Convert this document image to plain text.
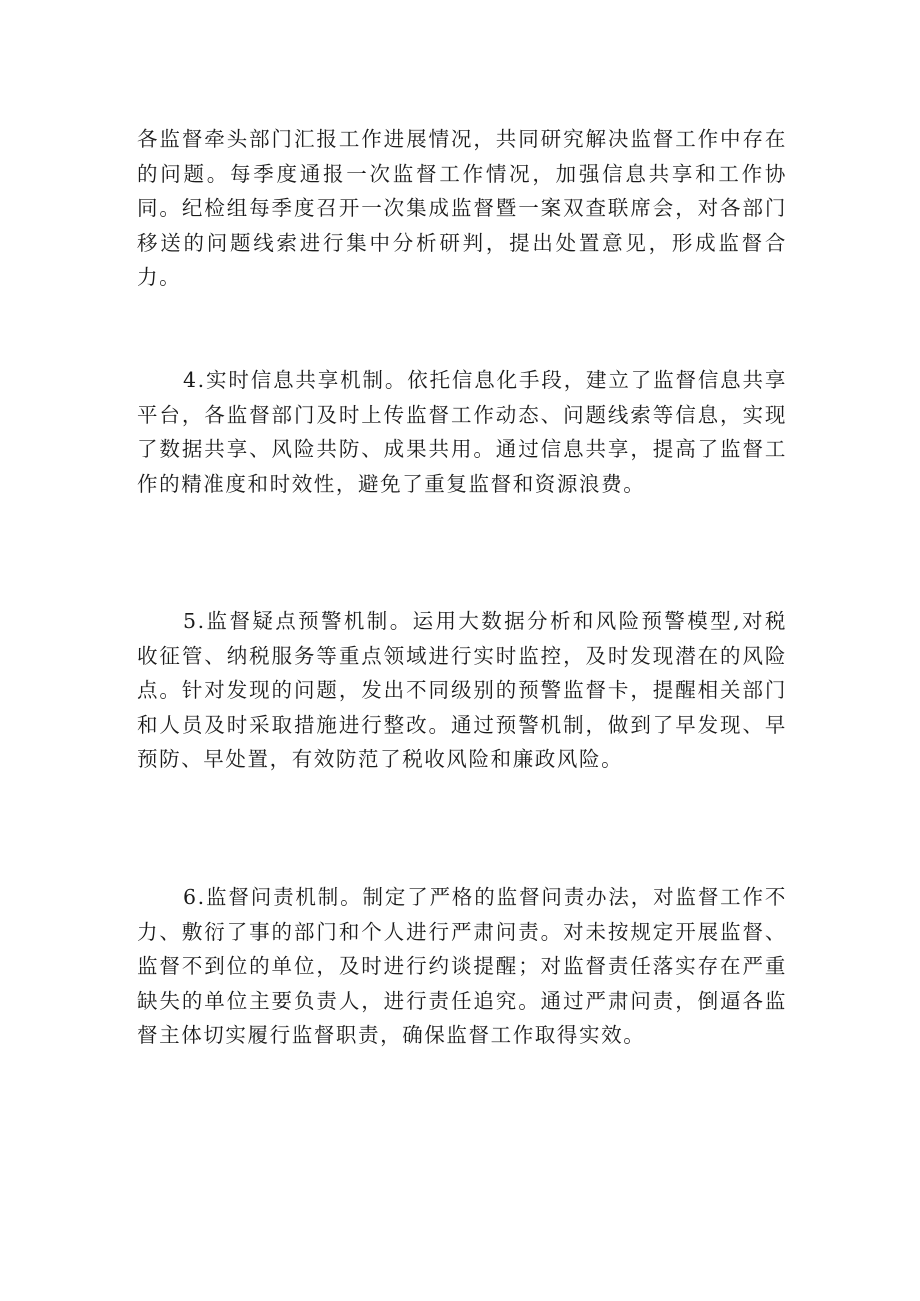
各监督牵头部门汇报工作进展情况，共同研究解决监督工作中存在的问题。每季度通报一次监督工作情况，加强信息共享和工作协同。纪检组每季度召开一次集成监督暨一案双查联席会，对各部门移送的问题线索进行集中分析研判，提出处置意见，形成监督合力。

4.实时信息共享机制。依托信息化手段，建立了监督信息共享平台，各监督部门及时上传监督工作动态、问题线索等信息，实现了数据共享、风险共防、成果共用。通过信息共享，提高了监督工作的精准度和时效性，避免了重复监督和资源浪费。

5.监督疑点预警机制。运用大数据分析和风险预警模型,对税收征管、纳税服务等重点领域进行实时监控，及时发现潜在的风险点。针对发现的问题，发出不同级别的预警监督卡，提醒相关部门和人员及时采取措施进行整改。通过预警机制，做到了早发现、早预防、早处置，有效防范了税收风险和廉政风险。

6.监督问责机制。制定了严格的监督问责办法，对监督工作不力、敷衍了事的部门和个人进行严肃问责。对未按规定开展监督、监督不到位的单位，及时进行约谈提醒；对监督责任落实存在严重缺失的单位主要负责人，进行责任追究。通过严肃问责，倒逼各监督主体切实履行监督职责，确保监督工作取得实效。
